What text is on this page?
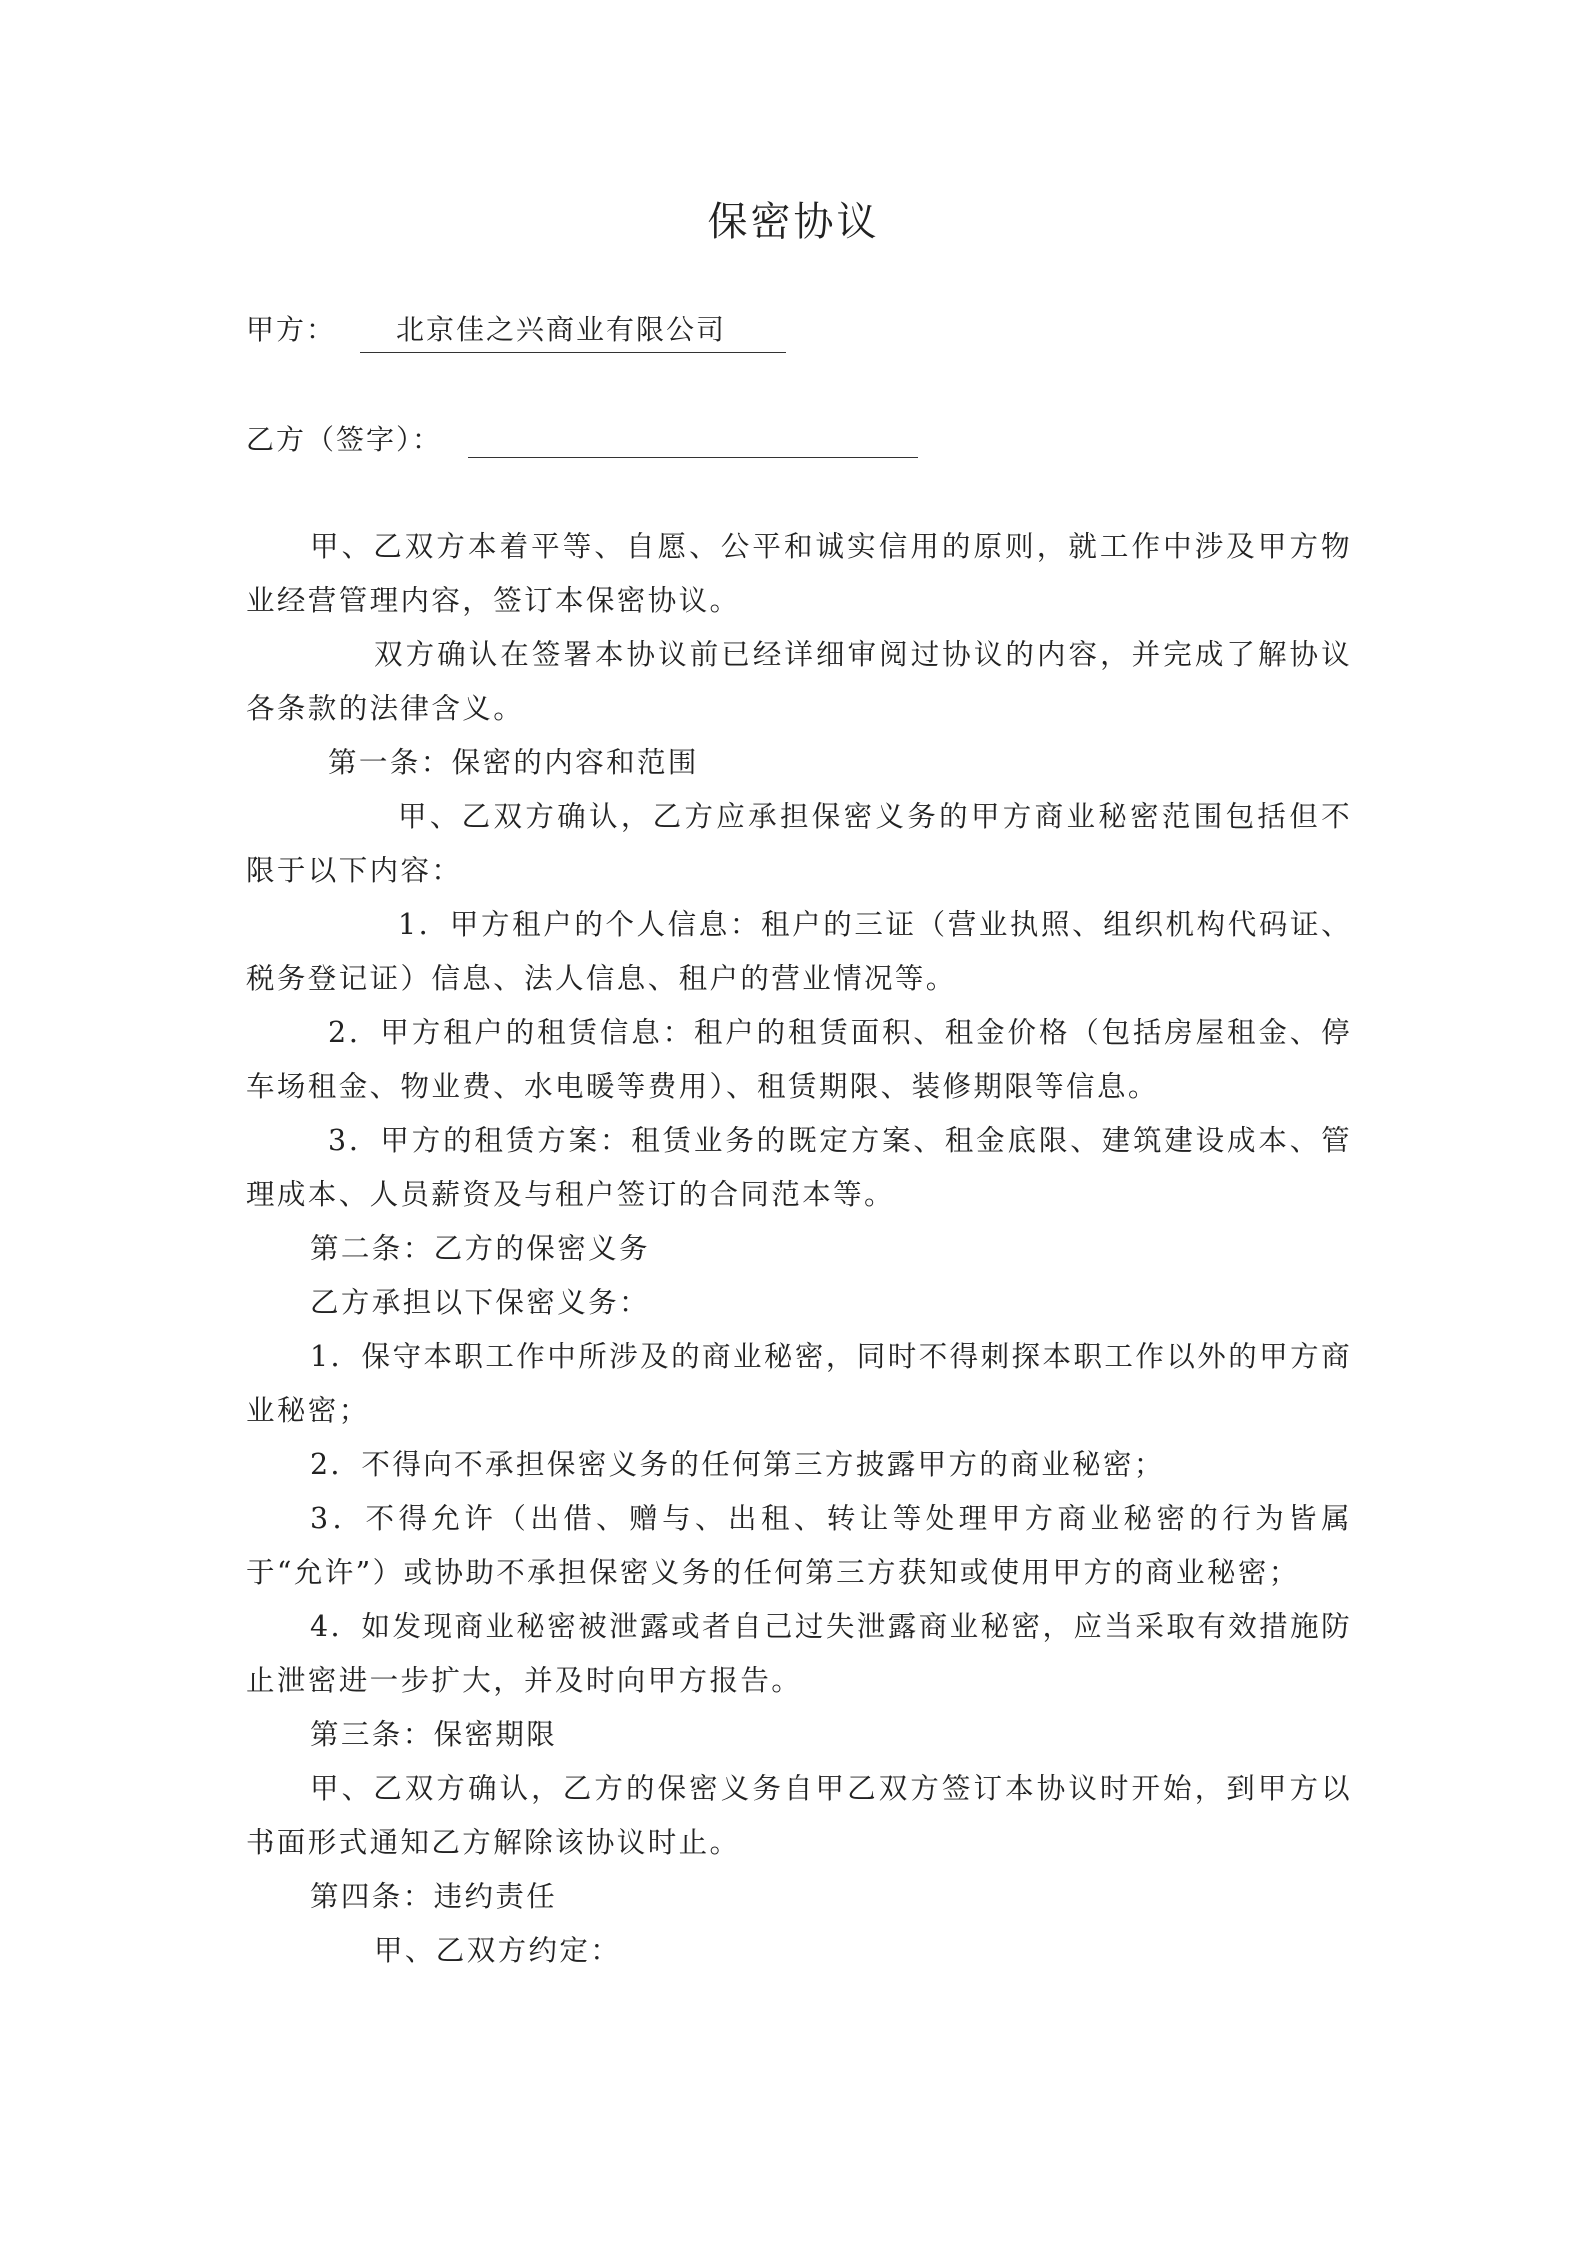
保密协议
甲方： 北京佳之兴商业有限公司
乙方（签字）：

甲、乙双方本着平等、自愿、公平和诚实信用的原则，就工作中涉及甲方物业经营管理内容，签订本保密协议。

双方确认在签署本协议前已经详细审阅过协议的内容，并完成了解协议各条款的法律含义。

第一条：保密的内容和范围

甲、乙双方确认，乙方应承担保密义务的甲方商业秘密范围包括但不限于以下内容：

1．甲方租户的个人信息：租户的三证（营业执照、组织机构代码证、税务登记证）信息、法人信息、租户的营业情况等。

2．甲方租户的租赁信息：租户的租赁面积、租金价格（包括房屋租金、停车场租金、物业费、水电暖等费用）、租赁期限、装修期限等信息。

3．甲方的租赁方案：租赁业务的既定方案、租金底限、建筑建设成本、管理成本、人员薪资及与租户签订的合同范本等。

第二条：乙方的保密义务

乙方承担以下保密义务：

1．保守本职工作中所涉及的商业秘密，同时不得刺探本职工作以外的甲方商业秘密；

2．不得向不承担保密义务的任何第三方披露甲方的商业秘密；

3．不得允许（出借、赠与、出租、转让等处理甲方商业秘密的行为皆属于“允许”）或协助不承担保密义务的任何第三方获知或使用甲方的商业秘密；

4．如发现商业秘密被泄露或者自己过失泄露商业秘密，应当采取有效措施防止泄密进一步扩大，并及时向甲方报告。

第三条：保密期限

甲、乙双方确认，乙方的保密义务自甲乙双方签订本协议时开始，到甲方以书面形式通知乙方解除该协议时止。

第四条：违约责任

甲、乙双方约定：
